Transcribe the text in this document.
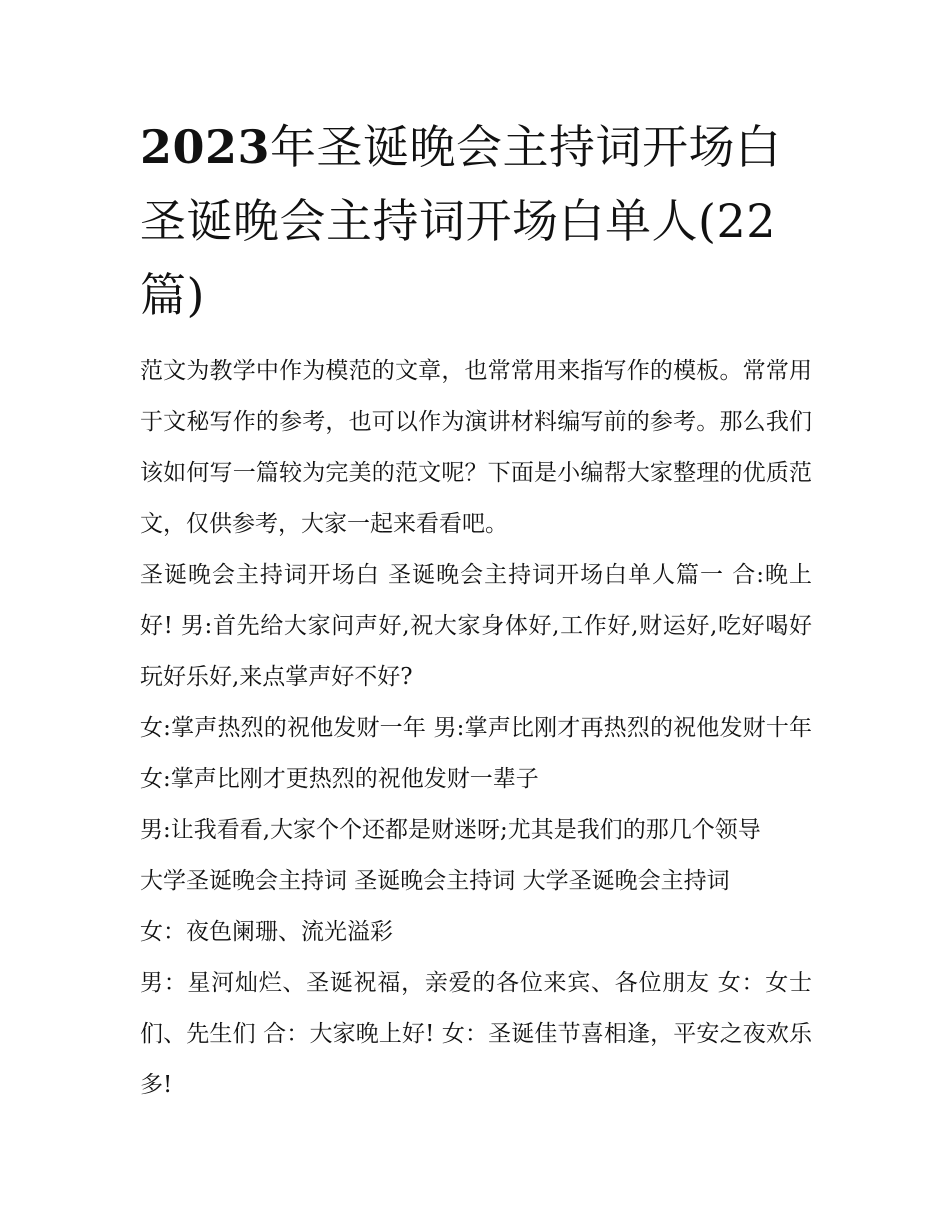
2023年圣诞晚会主持词开场白圣诞晚会主持词开场白单人(22篇)

范文为教学中作为模范的文章，也常常用来指写作的模板。常常用于文秘写作的参考，也可以作为演讲材料编写前的参考。那么我们该如何写一篇较为完美的范文呢？下面是小编帮大家整理的优质范文，仅供参考，大家一起来看看吧。

圣诞晚会主持词开场白 圣诞晚会主持词开场白单人篇一 合:晚上好! 男:首先给大家问声好,祝大家身体好,工作好,财运好,吃好喝好玩好乐好,来点掌声好不好?

女:掌声热烈的祝他发财一年 男:掌声比刚才再热烈的祝他发财十年 女:掌声比刚才更热烈的祝他发财一辈子

男:让我看看,大家个个还都是财迷呀;尤其是我们的那几个领导

大学圣诞晚会主持词 圣诞晚会主持词 大学圣诞晚会主持词

女：夜色阑珊、流光溢彩

男：星河灿烂、圣诞祝福，亲爱的各位来宾、各位朋友 女：女士们、先生们 合：大家晚上好! 女：圣诞佳节喜相逢，平安之夜欢乐多!
